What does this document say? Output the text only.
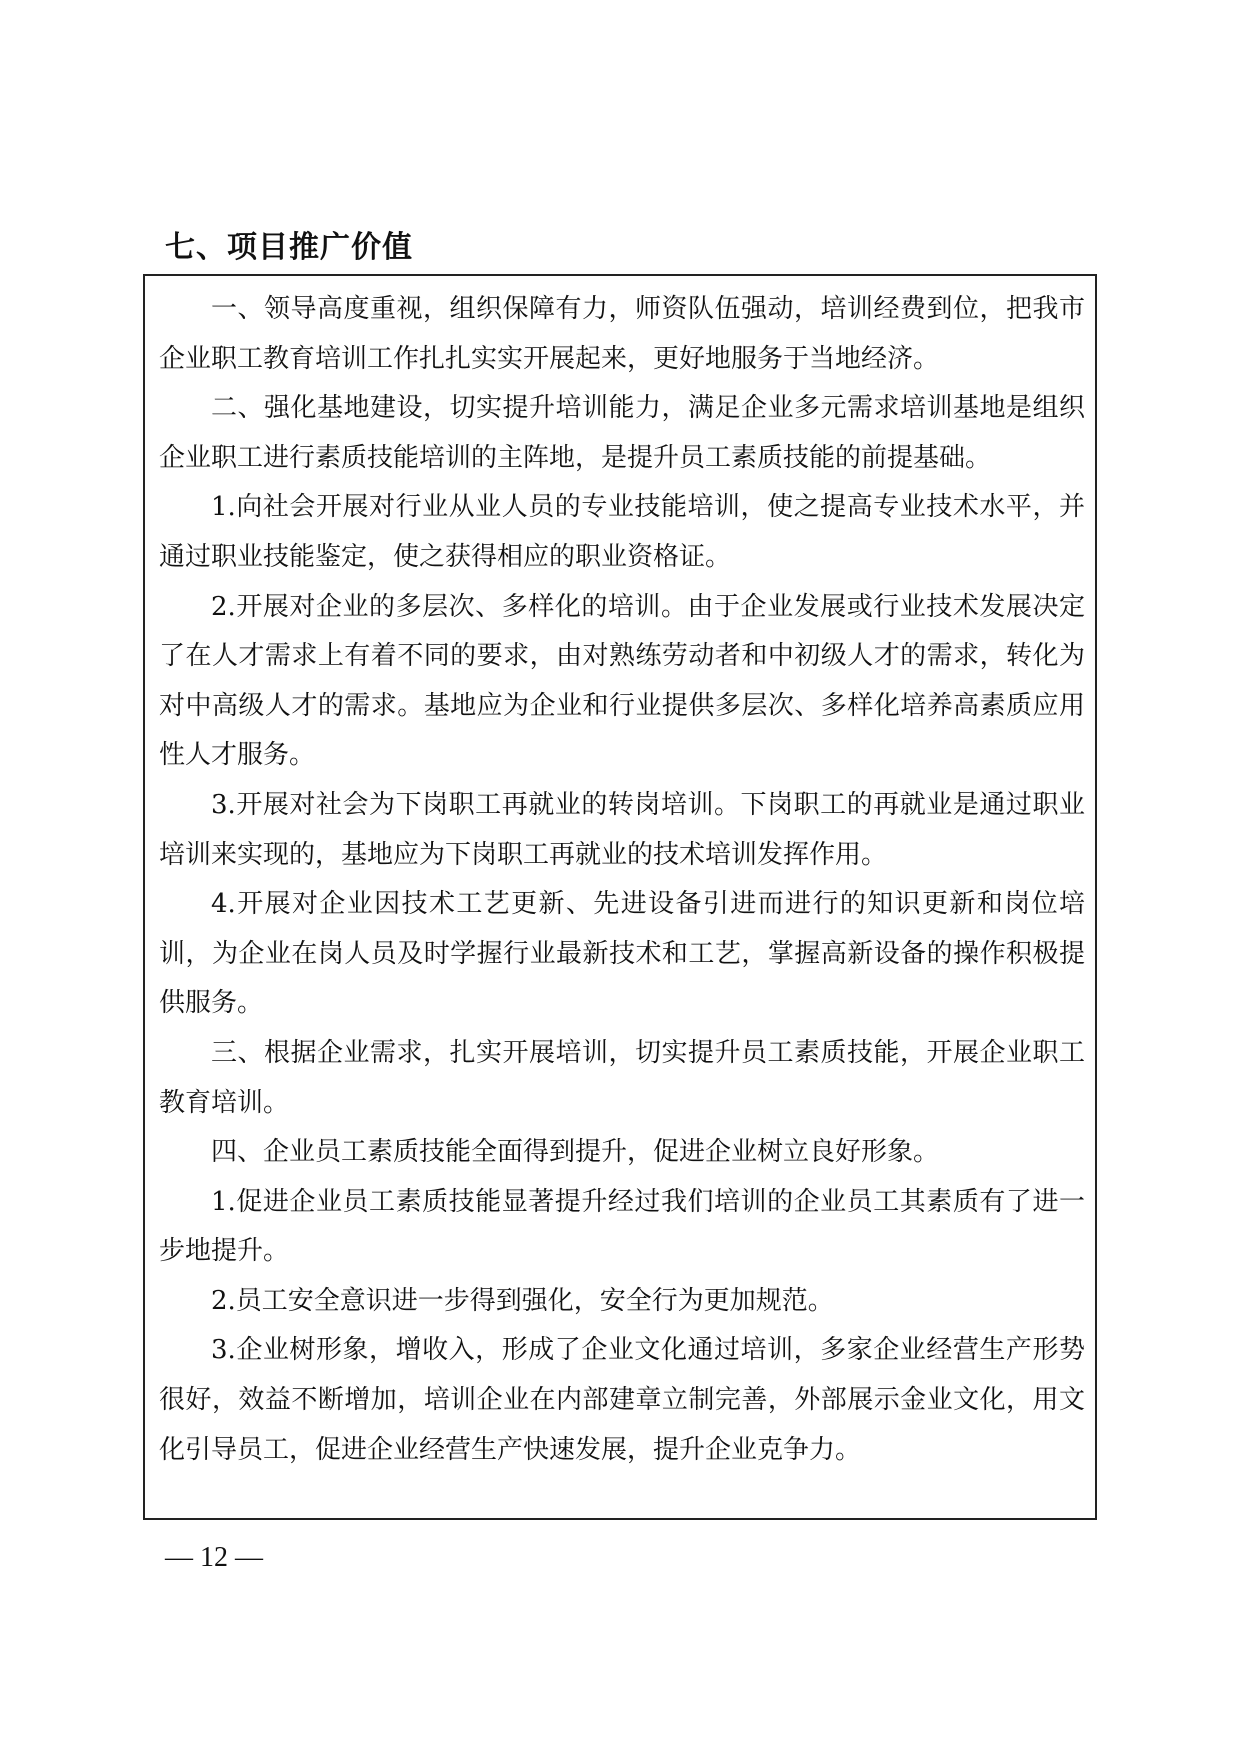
七、项目推广价值

一、领导高度重视，组织保障有力，师资队伍强动，培训经费到位，把我市企业职工教育培训工作扎扎实实开展起来，更好地服务于当地经济。

二、强化基地建设，切实提升培训能力，满足企业多元需求培训基地是组织企业职工进行素质技能培训的主阵地，是提升员工素质技能的前提基础。

1.向社会开展对行业从业人员的专业技能培训，使之提高专业技术水平，并通过职业技能鉴定，使之获得相应的职业资格证。

2.开展对企业的多层次、多样化的培训。由于企业发展或行业技术发展决定了在人才需求上有着不同的要求，由对熟练劳动者和中初级人才的需求，转化为对中高级人才的需求。基地应为企业和行业提供多层次、多样化培养高素质应用性人才服务。

3.开展对社会为下岗职工再就业的转岗培训。下岗职工的再就业是通过职业培训来实现的，基地应为下岗职工再就业的技术培训发挥作用。

4.开展对企业因技术工艺更新、先进设备引进而进行的知识更新和岗位培训，为企业在岗人员及时学握行业最新技术和工艺，掌握高新设备的操作积极提供服务。

三、根据企业需求，扎实开展培训，切实提升员工素质技能，开展企业职工教育培训。

四、企业员工素质技能全面得到提升，促进企业树立良好形象。

1.促进企业员工素质技能显著提升经过我们培训的企业员工其素质有了进一步地提升。

2.员工安全意识进一步得到强化，安全行为更加规范。

3.企业树形象，增收入，形成了企业文化通过培训，多家企业经营生产形势很好，效益不断增加，培训企业在内部建章立制完善，外部展示金业文化，用文化引导员工，促进企业经营生产快速发展，提升企业克争力。

— 12 —
